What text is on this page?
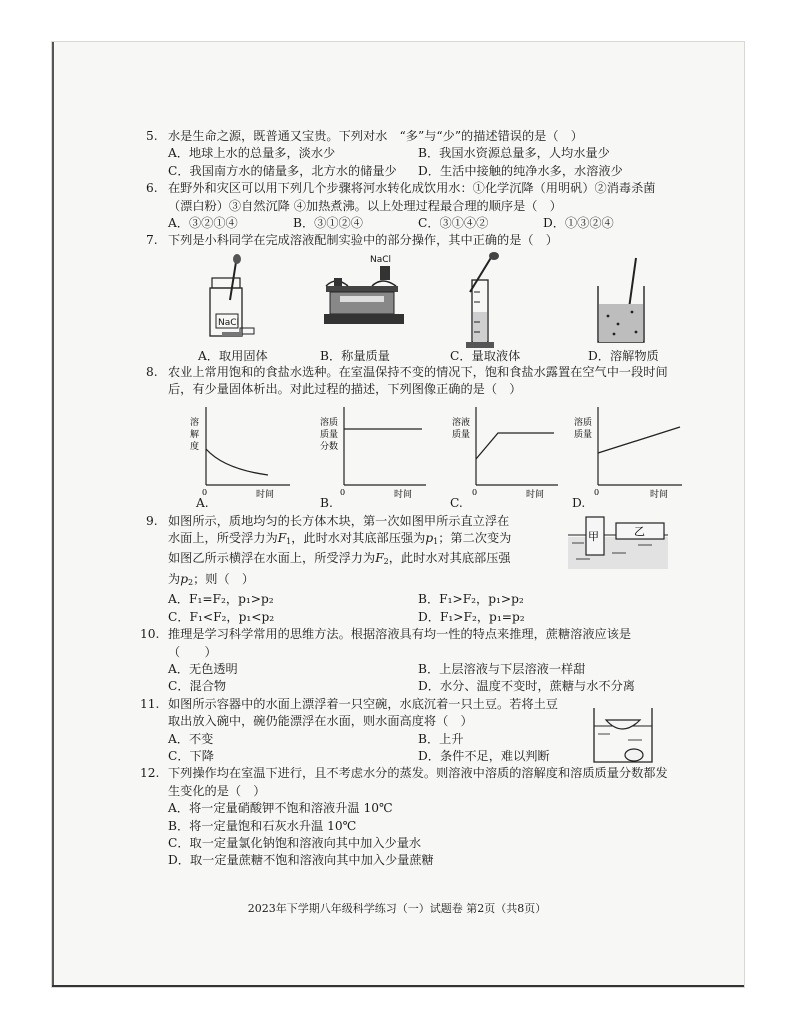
5. 水是生命之源，既普通又宝贵。下列对水　“多”与“少”的描述错误的是（　）

A．地球上水的总量多，淡水少	B．我国水资源总量多，人均水量少
C．我国南方水的储量多，北方水的储量少	D．生活中接触的纯净水多，水溶液少
6. 在野外和灾区可以用下列几个步骤将河水转化成饮用水：①化学沉降（用明矾）②消毒杀菌（漂白粉）③自然沉降 ④加热煮沸。以上处理过程最合理的顺序是（　）

A．③②①④	B．③①②④	C．③①④②	D．①③②④
7. 下列是小科同学在完成溶液配制实验中的部分操作，其中正确的是（　）

NaCl
NaCl
A．取用固体	B．称量质量	C．量取液体	D．溶解物质
8. 农业上常用饱和的食盐水选种。在室温保持不变的情况下，饱和食盐水露置在空气中一段时间后，有少量固体析出。对此过程的描述，下列图像正确的是（　）

溶
解
度
0	时间
溶质
质量
分数
0	时间
溶液
质量
0	时间
溶质
质量
0	时间
A.	B.	C.	D.
9. 如图所示，质地均匀的长方体木块，第一次如图甲所示直立浮在

水面上，所受浮力为$F_1$，此时水对其底部压强为$p_1$；第二次变为

如图乙所示横浮在水面上，所受浮力为$F_2$，此时水对其底部压强

为$p_2$；则（　）

甲	乙
A．F₁=F₂，p₁>p₂	B．F₁>F₂，p₁>p₂
C．F₁<F₂，p₁<p₂	D．F₁>F₂，p₁=p₂
10. 推理是学习科学常用的思维方法。根据溶液具有均一性的特点来推理，蔗糖溶液应该是

（　　）

A．无色透明	B．上层溶液与下层溶液一样甜
C．混合物	D．水分、温度不变时，蔗糖与水不分离
11. 如图所示容器中的水面上漂浮着一只空碗，水底沉着一只土豆。若将土豆取出放入碗中，碗仍能漂浮在水面，则水面高度将（　）

A．不变	B．上升
C．下降	D．条件不足，难以判断
12. 下列操作均在室温下进行，且不考虑水分的蒸发。则溶液中溶质的溶解度和溶质质量分数都发生变化的是（　）

A．将一定量硝酸钾不饱和溶液升温 10℃
B．将一定量饱和石灰水升温 10℃
C．取一定量氯化钠饱和溶液向其中加入少量水
D．取一定量蔗糖不饱和溶液向其中加入少量蔗糖
2023年下学期八年级科学练习（一）试题卷 第2页（共8页）
